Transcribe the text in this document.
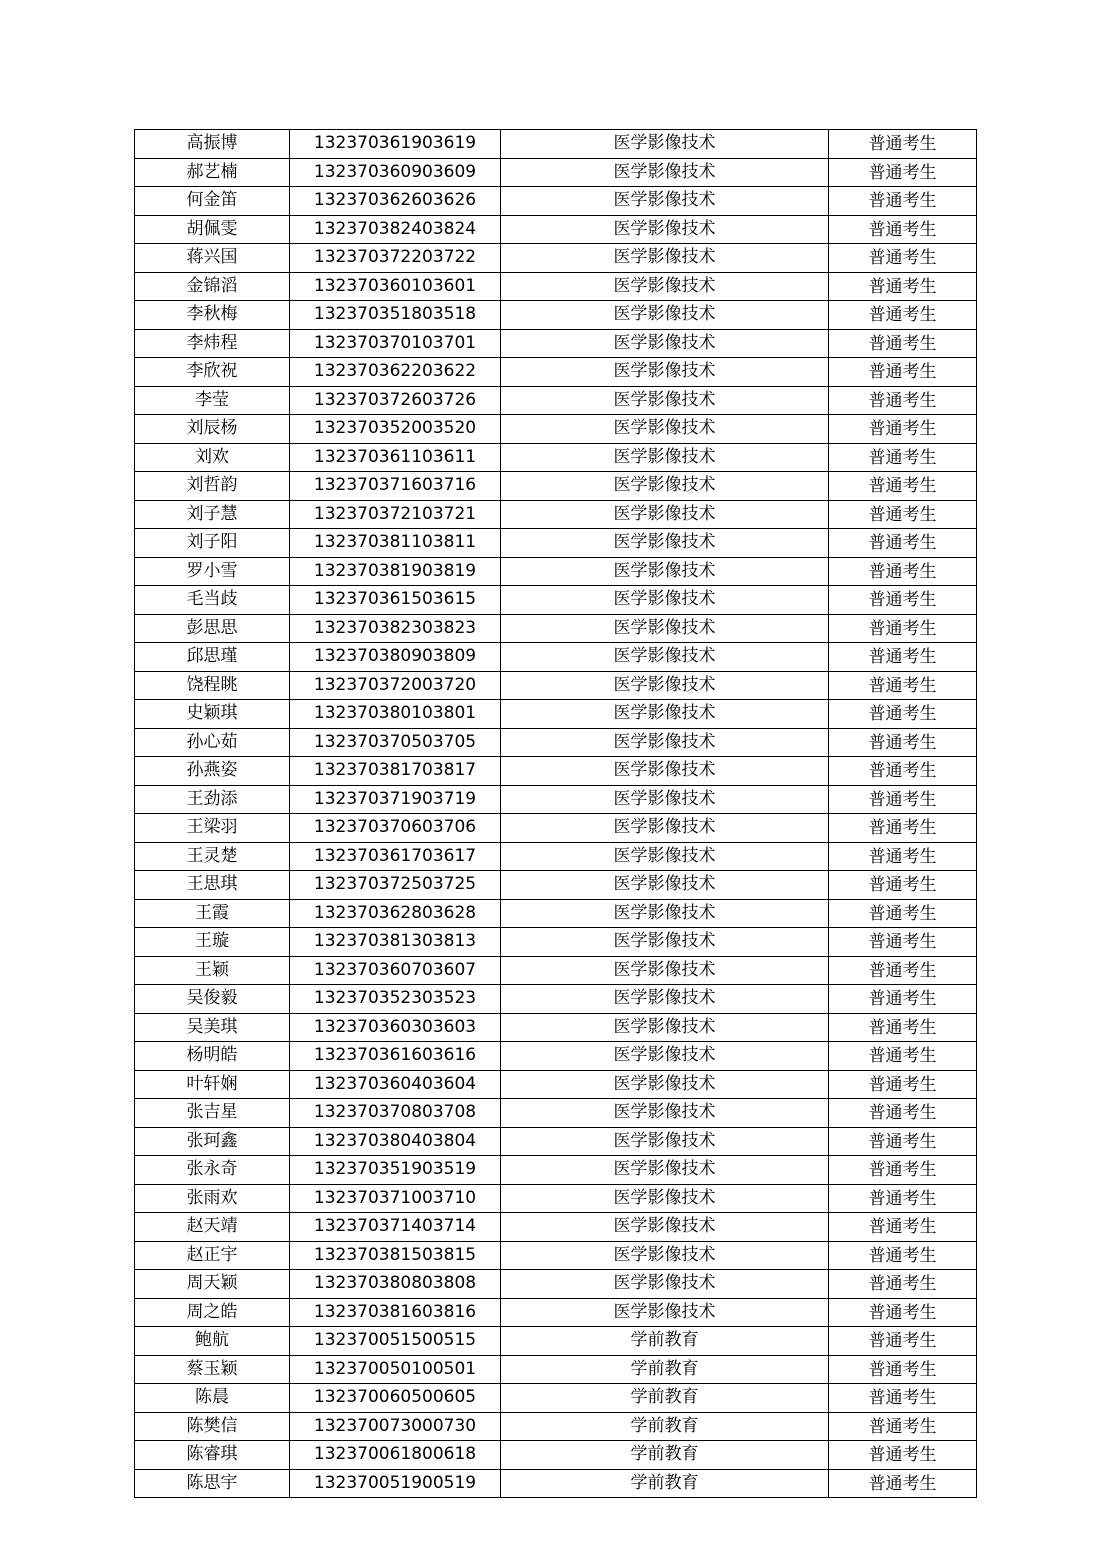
高振博	132370361903619	医学影像技术	普通考生
郝艺楠	132370360903609	医学影像技术	普通考生
何金笛	132370362603626	医学影像技术	普通考生
胡佩雯	132370382403824	医学影像技术	普通考生
蒋兴国	132370372203722	医学影像技术	普通考生
金锦滔	132370360103601	医学影像技术	普通考生
李秋梅	132370351803518	医学影像技术	普通考生
李炜程	132370370103701	医学影像技术	普通考生
李欣祝	132370362203622	医学影像技术	普通考生
李莹	132370372603726	医学影像技术	普通考生
刘辰杨	132370352003520	医学影像技术	普通考生
刘欢	132370361103611	医学影像技术	普通考生
刘哲韵	132370371603716	医学影像技术	普通考生
刘子慧	132370372103721	医学影像技术	普通考生
刘子阳	132370381103811	医学影像技术	普通考生
罗小雪	132370381903819	医学影像技术	普通考生
毛当歧	132370361503615	医学影像技术	普通考生
彭思思	132370382303823	医学影像技术	普通考生
邱思瑾	132370380903809	医学影像技术	普通考生
饶程眺	132370372003720	医学影像技术	普通考生
史颖琪	132370380103801	医学影像技术	普通考生
孙心茹	132370370503705	医学影像技术	普通考生
孙燕姿	132370381703817	医学影像技术	普通考生
王劲添	132370371903719	医学影像技术	普通考生
王梁羽	132370370603706	医学影像技术	普通考生
王灵楚	132370361703617	医学影像技术	普通考生
王思琪	132370372503725	医学影像技术	普通考生
王霞	132370362803628	医学影像技术	普通考生
王璇	132370381303813	医学影像技术	普通考生
王颖	132370360703607	医学影像技术	普通考生
吴俊毅	132370352303523	医学影像技术	普通考生
吴美琪	132370360303603	医学影像技术	普通考生
杨明皓	132370361603616	医学影像技术	普通考生
叶轩娴	132370360403604	医学影像技术	普通考生
张吉星	132370370803708	医学影像技术	普通考生
张珂鑫	132370380403804	医学影像技术	普通考生
张永奇	132370351903519	医学影像技术	普通考生
张雨欢	132370371003710	医学影像技术	普通考生
赵天靖	132370371403714	医学影像技术	普通考生
赵正宇	132370381503815	医学影像技术	普通考生
周天颖	132370380803808	医学影像技术	普通考生
周之皓	132370381603816	医学影像技术	普通考生
鲍航	132370051500515	学前教育	普通考生
蔡玉颖	132370050100501	学前教育	普通考生
陈晨	132370060500605	学前教育	普通考生
陈樊信	132370073000730	学前教育	普通考生
陈睿琪	132370061800618	学前教育	普通考生
陈思宇	132370051900519	学前教育	普通考生
